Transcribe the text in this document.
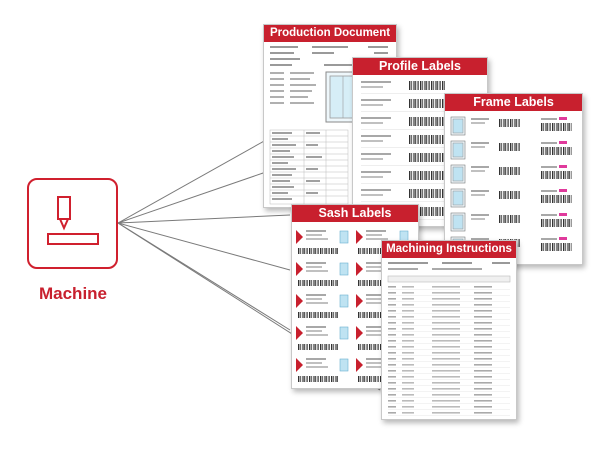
Production Document
Profile Labels
Frame Labels
Sash Labels
Machining Instructions
Machine
